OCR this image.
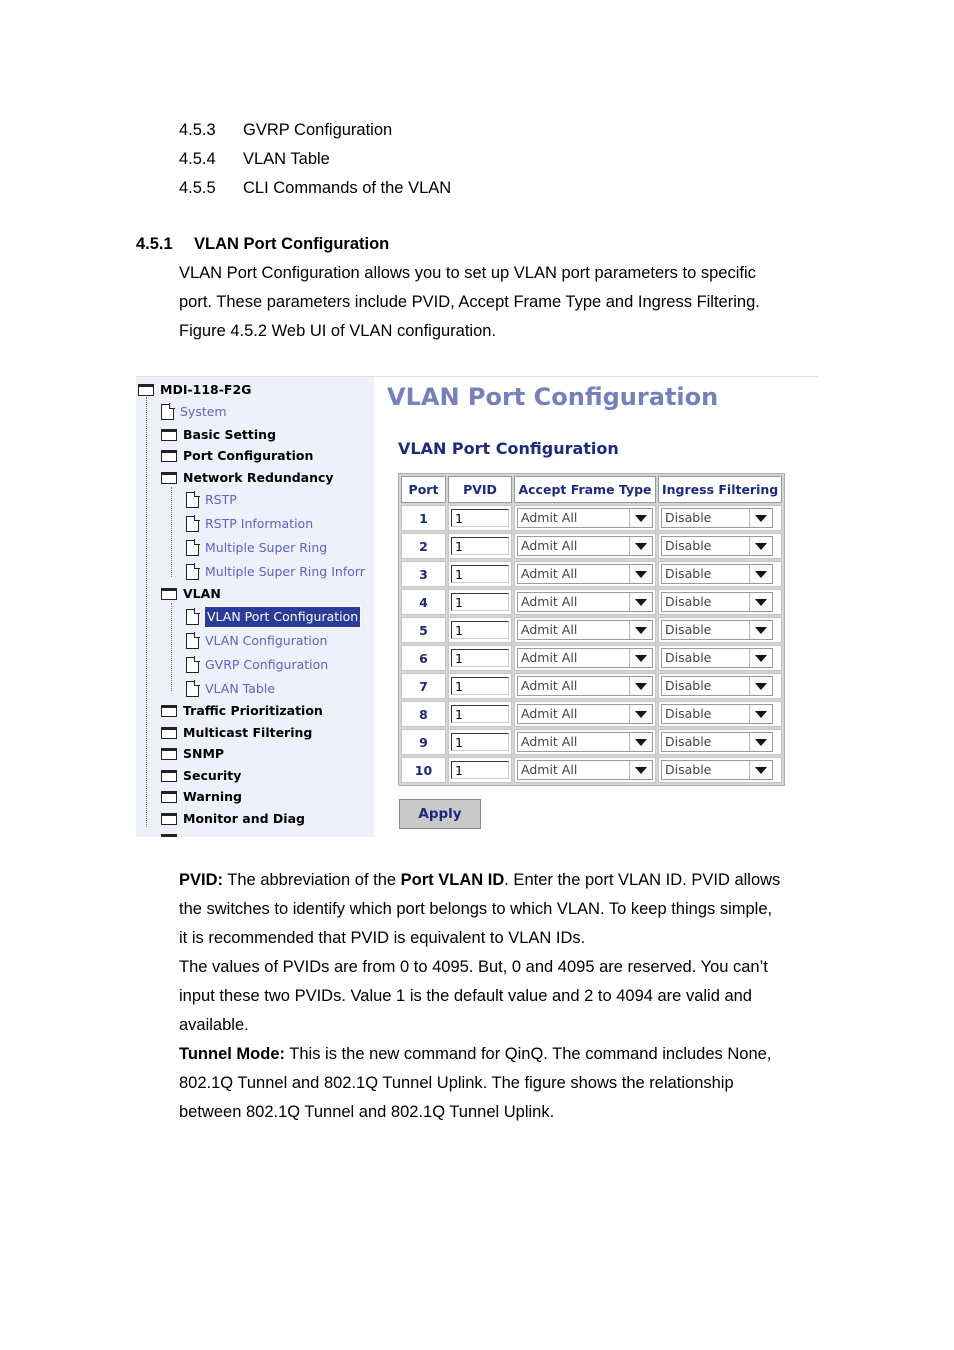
4.5.3 GVRP Configuration
4.5.4 VLAN Table
4.5.5 CLI Commands of the VLAN
4.5.1 VLAN Port Configuration

VLAN Port Configuration allows you to set up VLAN port parameters to specific

port. These parameters include PVID, Accept Frame Type and Ingress Filtering.

Figure 4.5.2 Web UI of VLAN configuration.

MDI-118-F2G
System
Basic Setting
Port Configuration
Network Redundancy
RSTP
RSTP Information
Multiple Super Ring
Multiple Super Ring Inforr
VLAN
VLAN Port Configuration
VLAN Configuration
GVRP Configuration
VLAN Table
Traffic Prioritization
Multicast Filtering
SNMP
Security
Warning
Monitor and Diag
VLAN Port Configuration
VLAN Port Configuration
Port	PVID	Accept Frame Type	Ingress Filtering
1	1	Admit All	Disable

2	1	Admit All	Disable

3	1	Admit All	Disable

4	1	Admit All	Disable

5	1	Admit All	Disable

6	1	Admit All	Disable

7	1	Admit All	Disable

8	1	Admit All	Disable

9	1	Admit All	Disable

10	1	Admit All	Disable
Apply

PVID: The abbreviation of the Port VLAN ID. Enter the port VLAN ID. PVID allows

the switches to identify which port belongs to which VLAN. To keep things simple,

it is recommended that PVID is equivalent to VLAN IDs.

The values of PVIDs are from 0 to 4095. But, 0 and 4095 are reserved. You can’t

input these two PVIDs. Value 1 is the default value and 2 to 4094 are valid and

available.

Tunnel Mode: This is the new command for QinQ. The command includes None,

802.1Q Tunnel and 802.1Q Tunnel Uplink. The figure shows the relationship

between 802.1Q Tunnel and 802.1Q Tunnel Uplink.
